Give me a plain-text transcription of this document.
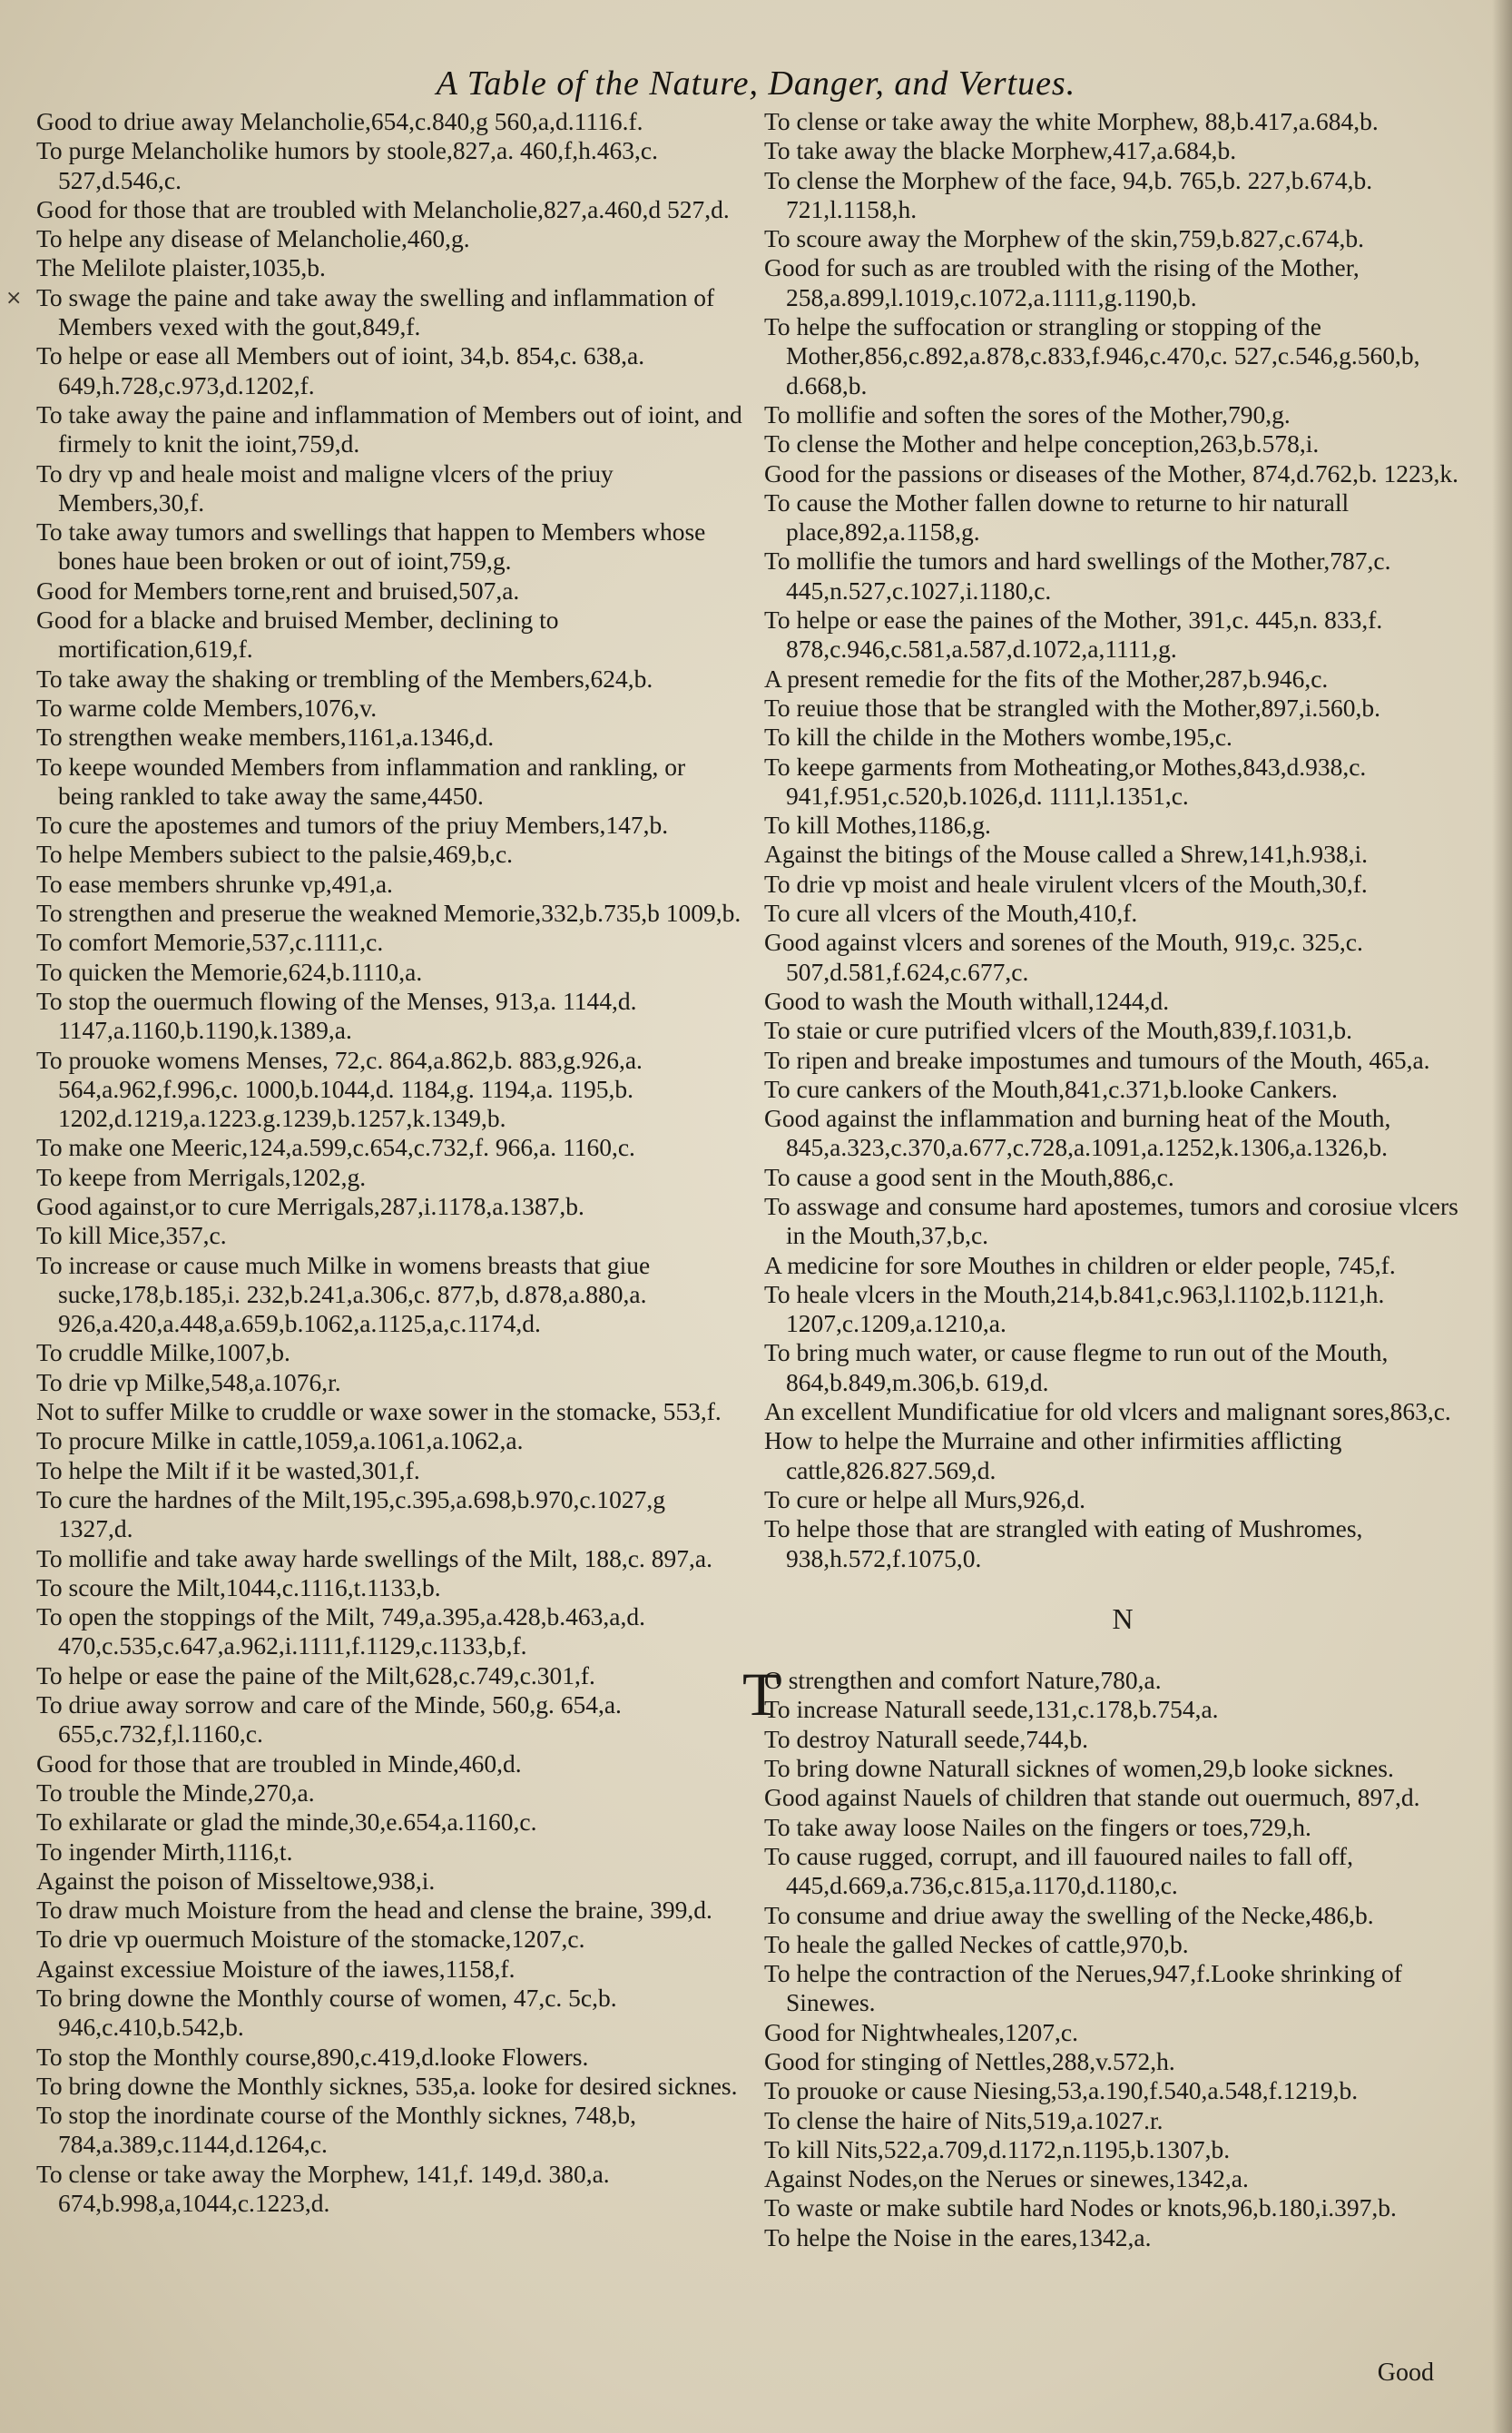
A Table of the Nature, Danger, and Vertues.
×

Good to driue away Melancholie,654,c.840,g 560,a,d.1116.f.

To purge Melancholike humors by stoole,827,a. 460,f,h.463,c. 527,d.546,c.

Good for those that are troubled with Melancholie,827,a.460,d 527,d.

To helpe any disease of Melancholie,460,g.

The Melilote plaister,1035,b.

To swage the paine and take away the swelling and inflammation of Members vexed with the gout,849,f.

To helpe or ease all Members out of ioint, 34,b. 854,c. 638,a. 649,h.728,c.973,d.1202,f.

To take away the paine and inflammation of Members out of ioint, and firmely to knit the ioint,759,d.

To dry vp and heale moist and maligne vlcers of the priuy Members,30,f.

To take away tumors and swellings that happen to Members whose bones haue been broken or out of ioint,759,g.

Good for Members torne,rent and bruised,507,a.

Good for a blacke and bruised Member, declining to mortification,619,f.

To take away the shaking or trembling of the Members,624,b.

To warme colde Members,1076,v.

To strengthen weake members,1161,a.1346,d.

To keepe wounded Members from inflammation and rankling, or being rankled to take away the same,4450.

To cure the apostemes and tumors of the priuy Members,147,b.

To helpe Members subiect to the palsie,469,b,c.

To ease members shrunke vp,491,a.

To strengthen and preserue the weakned Memorie,332,b.735,b 1009,b.

To comfort Memorie,537,c.1111,c.

To quicken the Memorie,624,b.1110,a.

To stop the ouermuch flowing of the Menses, 913,a. 1144,d. 1147,a.1160,b.1190,k.1389,a.

To prouoke womens Menses, 72,c. 864,a.862,b. 883,g.926,a. 564,a.962,f.996,c. 1000,b.1044,d. 1184,g. 1194,a. 1195,b. 1202,d.1219,a.1223.g.1239,b.1257,k.1349,b.

To make one Meeric,124,a.599,c.654,c.732,f. 966,a. 1160,c.

To keepe from Merrigals,1202,g.

Good against,or to cure Merrigals,287,i.1178,a.1387,b.

To kill Mice,357,c.

To increase or cause much Milke in womens breasts that giue sucke,178,b.185,i. 232,b.241,a.306,c. 877,b, d.878,a.880,a. 926,a.420,a.448,a.659,b.1062,a.1125,a,c.1174,d.

To cruddle Milke,1007,b.

To drie vp Milke,548,a.1076,r.

Not to suffer Milke to cruddle or waxe sower in the stomacke, 553,f.

To procure Milke in cattle,1059,a.1061,a.1062,a.

To helpe the Milt if it be wasted,301,f.

To cure the hardnes of the Milt,195,c.395,a.698,b.970,c.1027,g 1327,d.

To mollifie and take away harde swellings of the Milt, 188,c. 897,a.

To scoure the Milt,1044,c.1116,t.1133,b.

To open the stoppings of the Milt, 749,a.395,a.428,b.463,a,d. 470,c.535,c.647,a.962,i.1111,f.1129,c.1133,b,f.

To helpe or ease the paine of the Milt,628,c.749,c.301,f.

To driue away sorrow and care of the Minde, 560,g. 654,a. 655,c.732,f,l.1160,c.

Good for those that are troubled in Minde,460,d.

To trouble the Minde,270,a.

To exhilarate or glad the minde,30,e.654,a.1160,c.

To ingender Mirth,1116,t.

Against the poison of Misseltowe,938,i.

To draw much Moisture from the head and clense the braine, 399,d.

To drie vp ouermuch Moisture of the stomacke,1207,c.

Against excessiue Moisture of the iawes,1158,f.

To bring downe the Monthly course of women, 47,c. 5c,b. 946,c.410,b.542,b.

To stop the Monthly course,890,c.419,d.looke Flowers.

To bring downe the Monthly sicknes, 535,a. looke for desired sicknes.

To stop the inordinate course of the Monthly sicknes, 748,b, 784,a.389,c.1144,d.1264,c.

To clense or take away the Morphew, 141,f. 149,d. 380,a. 674,b.998,a,1044,c.1223,d.

To clense or take away the white Morphew, 88,b.417,a.684,b.

To take away the blacke Morphew,417,a.684,b.

To clense the Morphew of the face, 94,b. 765,b. 227,b.674,b. 721,l.1158,h.

To scoure away the Morphew of the skin,759,b.827,c.674,b.

Good for such as are troubled with the rising of the Mother, 258,a.899,l.1019,c.1072,a.1111,g.1190,b.

To helpe the suffocation or strangling or stopping of the Mother,856,c.892,a.878,c.833,f.946,c.470,c. 527,c.546,g.560,b, d.668,b.

To mollifie and soften the sores of the Mother,790,g.

To clense the Mother and helpe conception,263,b.578,i.

Good for the passions or diseases of the Mother, 874,d.762,b. 1223,k.

To cause the Mother fallen downe to returne to hir naturall place,892,a.1158,g.

To mollifie the tumors and hard swellings of the Mother,787,c. 445,n.527,c.1027,i.1180,c.

To helpe or ease the paines of the Mother, 391,c. 445,n. 833,f. 878,c.946,c.581,a.587,d.1072,a,1111,g.

A present remedie for the fits of the Mother,287,b.946,c.

To reuiue those that be strangled with the Mother,897,i.560,b.

To kill the childe in the Mothers wombe,195,c.

To keepe garments from Motheating,or Mothes,843,d.938,c. 941,f.951,c.520,b.1026,d. 1111,l.1351,c.

To kill Mothes,1186,g.

Against the bitings of the Mouse called a Shrew,141,h.938,i.

To drie vp moist and heale virulent vlcers of the Mouth,30,f.

To cure all vlcers of the Mouth,410,f.

Good against vlcers and sorenes of the Mouth, 919,c. 325,c. 507,d.581,f.624,c.677,c.

Good to wash the Mouth withall,1244,d.

To staie or cure putrified vlcers of the Mouth,839,f.1031,b.

To ripen and breake impostumes and tumours of the Mouth, 465,a.

To cure cankers of the Mouth,841,c.371,b.looke Cankers.

Good against the inflammation and burning heat of the Mouth, 845,a.323,c.370,a.677,c.728,a.1091,a.1252,k.1306,a.1326,b.

To cause a good sent in the Mouth,886,c.

To asswage and consume hard apostemes, tumors and corosiue vlcers in the Mouth,37,b,c.

A medicine for sore Mouthes in children or elder people, 745,f.

To heale vlcers in the Mouth,214,b.841,c.963,l.1102,b.1121,h. 1207,c.1209,a.1210,a.

To bring much water, or cause flegme to run out of the Mouth, 864,b.849,m.306,b. 619,d.

An excellent Mundificatiue for old vlcers and malignant sores,863,c.

How to helpe the Murraine and other infirmities afflicting cattle,826.827.569,d.

To cure or helpe all Murs,926,d.

To helpe those that are strangled with eating of Mushromes, 938,h.572,f.1075,0.

N

T
O strengthen and comfort Nature,780,a.

To increase Naturall seede,131,c.178,b.754,a.

To destroy Naturall seede,744,b.

To bring downe Naturall sicknes of women,29,b looke sicknes.

Good against Nauels of children that stande out ouermuch, 897,d.

To take away loose Nailes on the fingers or toes,729,h.

To cause rugged, corrupt, and ill fauoured nailes to fall off, 445,d.669,a.736,c.815,a.1170,d.1180,c.

To consume and driue away the swelling of the Necke,486,b.

To heale the galled Neckes of cattle,970,b.

To helpe the contraction of the Nerues,947,f.Looke shrinking of Sinewes.

Good for Nightwheales,1207,c.

Good for stinging of Nettles,288,v.572,h.

To prouoke or cause Niesing,53,a.190,f.540,a.548,f.1219,b.

To clense the haire of Nits,519,a.1027.r.

To kill Nits,522,a.709,d.1172,n.1195,b.1307,b.

Against Nodes,on the Nerues or sinewes,1342,a.

To waste or make subtile hard Nodes or knots,96,b.180,i.397,b.

To helpe the Noise in the eares,1342,a.

Good
